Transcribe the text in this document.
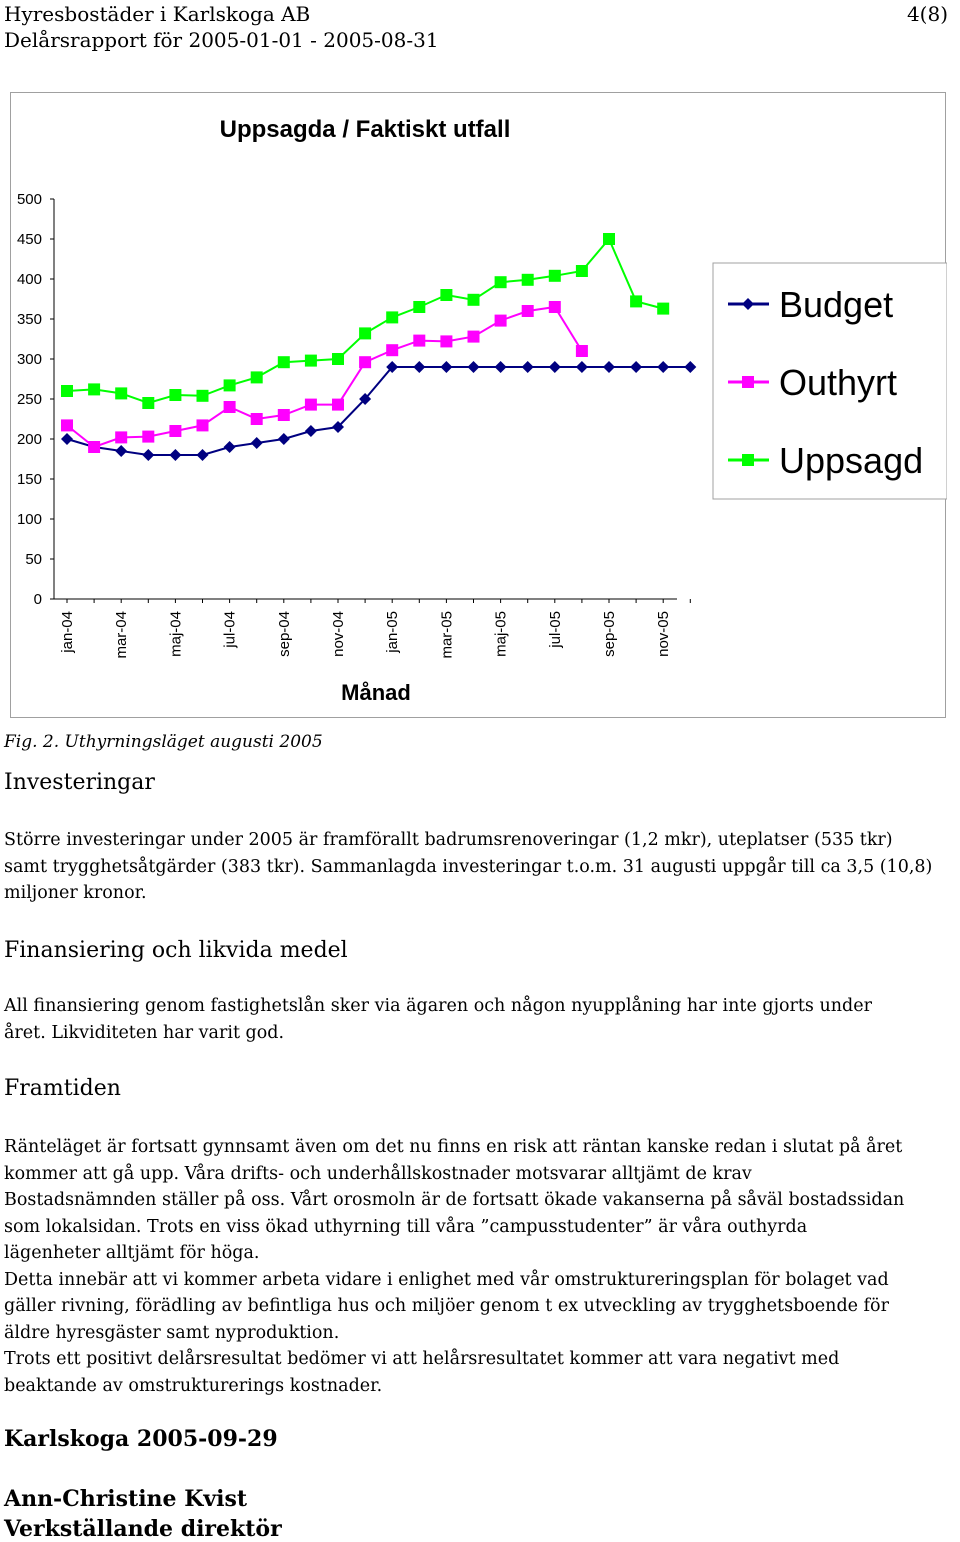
Hyresbostäder i Karlskoga AB	4(8)
Delårsrapport för 2005-01-01 - 2005-08-31
Uppsagda / Faktiskt utfall
0
50
100
150
200
250
300
350
400
450
500
jan-04 mar-04 maj-04 jul-04 sep-04 nov-04 jan-05 mar-05 maj-05 jul-05 sep-05 nov-05
Månad
Budget
Outhyrt
Uppsagd
Fig. 2. Uthyrningsläget augusti 2005
Investeringar

Större investeringar under 2005 är framförallt badrumsrenoveringar (1,2 mkr), uteplatser (535 tkr)

samt trygghetsåtgärder (383 tkr). Sammanlagda investeringar t.o.m. 31 augusti uppgår till ca 3,5 (10,8)

miljoner kronor.

Finansiering och likvida medel

All finansiering genom fastighetslån sker via ägaren och någon nyupplåning har inte gjorts under

året. Likviditeten har varit god.

Framtiden

Ränteläget är fortsatt gynnsamt även om det nu finns en risk att räntan kanske redan i slutat på året

kommer att gå upp. Våra drifts- och underhållskostnader motsvarar alltjämt de krav

Bostadsnämnden ställer på oss. Vårt orosmoln är de fortsatt ökade vakanserna på såväl bostadssidan

som lokalsidan. Trots en viss ökad uthyrning till våra ”campusstudenter” är våra outhyrda

lägenheter alltjämt för höga.

Detta innebär att vi kommer arbeta vidare i enlighet med vår omstruktureringsplan för bolaget vad

gäller rivning, förädling av befintliga hus och miljöer genom t ex utveckling av trygghetsboende för

äldre hyresgäster samt nyproduktion.

Trots ett positivt delårsresultat bedömer vi att helårsresultatet kommer att vara negativt med

beaktande av omstrukturerings kostnader.

Karlskoga 2005-09-29
Ann-Christine Kvist
Verkställande direktör
